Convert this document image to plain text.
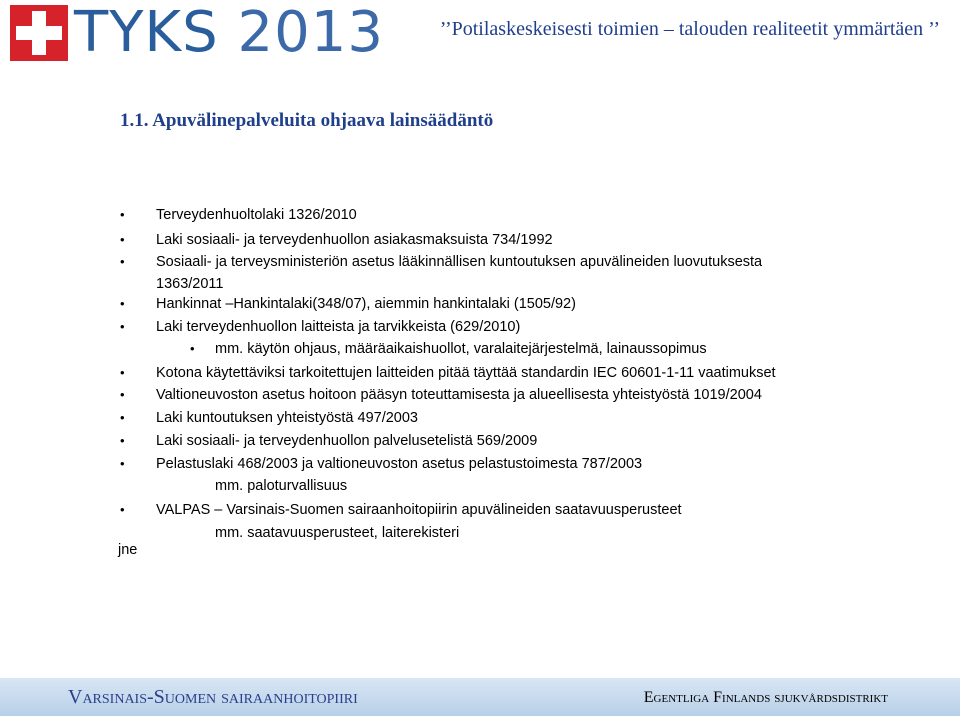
TYKS 2013	’’Potilaskeskeisesti toimien – talouden realiteetit ymmärtäen ’’
1.1. Apuvälinepalveluita ohjaava lainsäädäntö
• Terveydenhuoltolaki 1326/2010
• Laki sosiaali- ja terveydenhuollon asiakasmaksuista 734/1992
• Sosiaali- ja terveysministeriön asetus lääkinnällisen kuntoutuksen apuvälineiden luovutuksesta
1363/2011
• Hankinnat –Hankintalaki(348/07), aiemmin hankintalaki (1505/92)
• Laki terveydenhuollon laitteista ja tarvikkeista (629/2010)
• mm. käytön ohjaus, määräaikaishuollot, varalaitejärjestelmä, lainaussopimus
• Kotona käytettäviksi tarkoitettujen laitteiden pitää täyttää standardin IEC 60601-1-11 vaatimukset
• Valtioneuvoston asetus hoitoon pääsyn toteuttamisesta ja alueellisesta yhteistyöstä 1019/2004
• Laki kuntoutuksen yhteistyöstä 497/2003
• Laki sosiaali- ja terveydenhuollon palvelusetelistä 569/2009
• Pelastuslaki 468/2003 ja valtioneuvoston asetus pelastustoimesta 787/2003
mm. paloturvallisuus
• VALPAS – Varsinais-Suomen sairaanhoitopiirin apuvälineiden saatavuusperusteet
mm. saatavuusperusteet, laiterekisteri
jne
Varsinais-Suomen sairaanhoitopiiri	Egentliga Finlands sjukvårdsdistrikt
